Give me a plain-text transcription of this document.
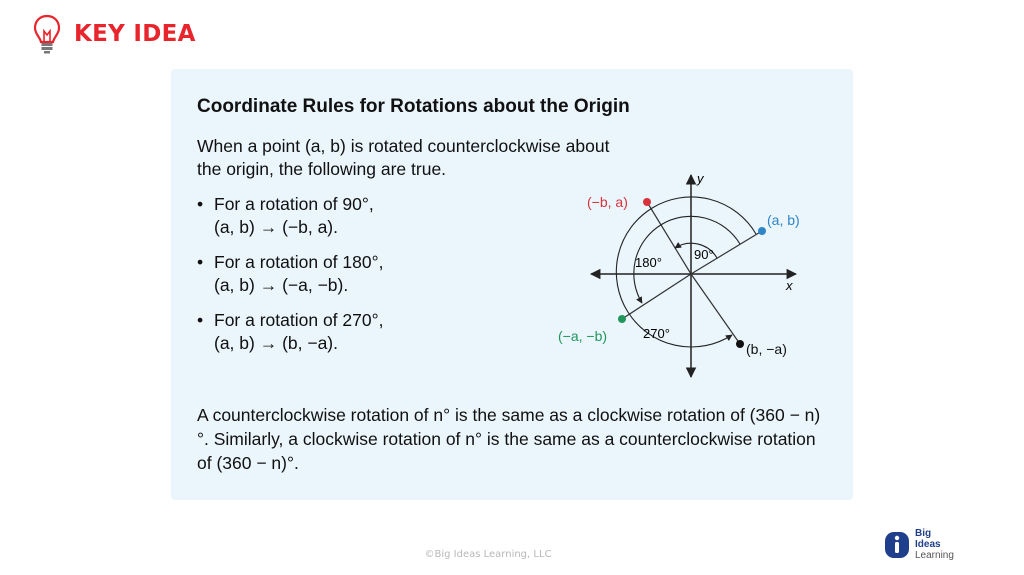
KEY IDEA
Coordinate Rules for Rotations about the Origin
When a point (a, b) is rotated counterclockwise about the origin, the following are true.
• For a rotation of 90°,
(a, b) → (−b, a).
• For a rotation of 180°,
(a, b) → (−a, −b).
• For a rotation of 270°,
(a, b) → (b, −a).
x
y
90°
180°
270°
(a, b)
(−b, a)
(−a, −b)
(b, −a)
A counterclockwise rotation of n° is the same as a clockwise rotation of (360 − n)°. Similarly, a clockwise rotation of n° is the same as a counterclockwise rotation of (360 − n)°.
©Big Ideas Learning, LLC
Big
Ideas
Learning
